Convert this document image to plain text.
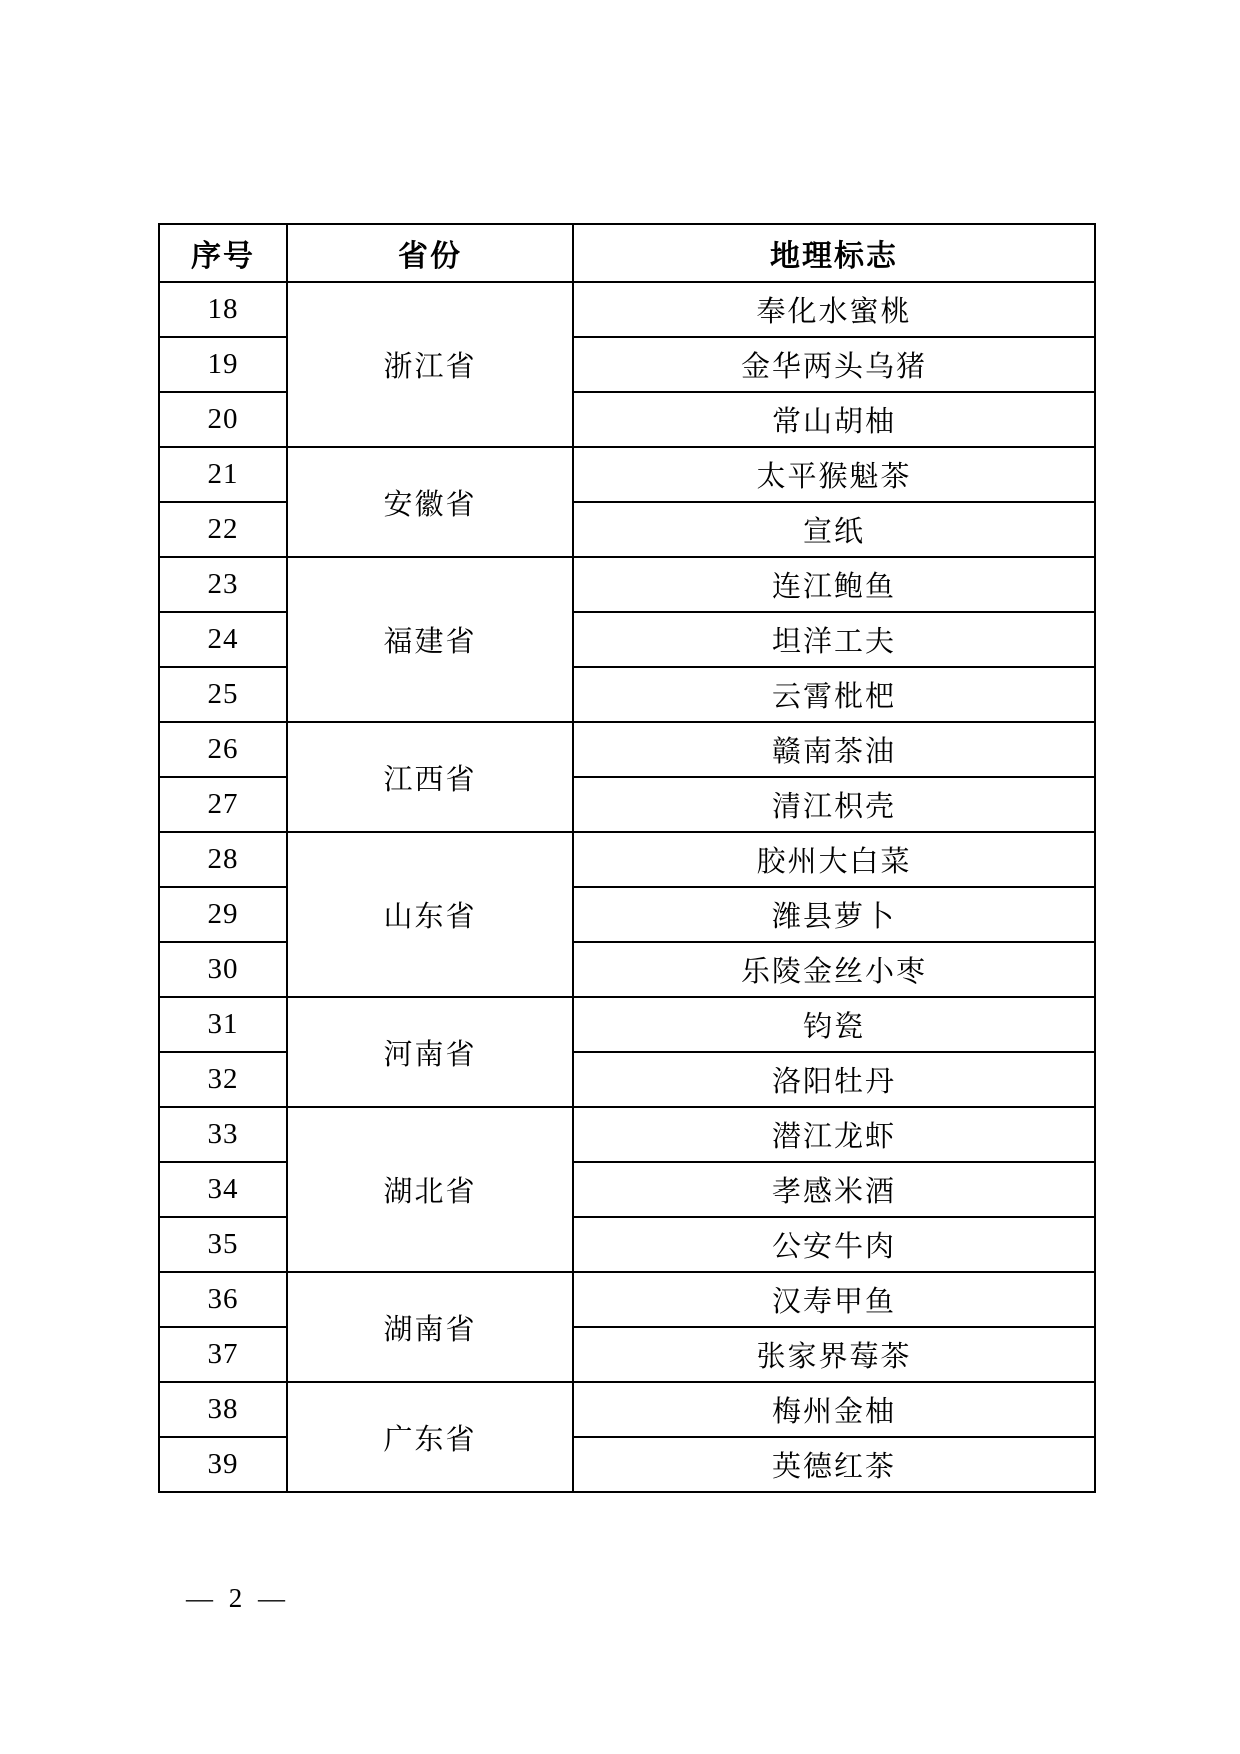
序号	省份	地理标志
18	浙江省	奉化水蜜桃
19		金华两头乌猪
20		常山胡柚
21	安徽省	太平猴魁茶
22		宣纸
23	福建省	连江鲍鱼
24		坦洋工夫
25		云霄枇杷
26	江西省	赣南茶油
27		清江枳壳
28	山东省	胶州大白菜
29		潍县萝卜
30		乐陵金丝小枣
31	河南省	钧瓷
32		洛阳牡丹
33	湖北省	潜江龙虾
34		孝感米酒
35		公安牛肉
36	湖南省	汉寿甲鱼
37		张家界莓茶
38	广东省	梅州金柚
39		英德红茶
— 2 —
